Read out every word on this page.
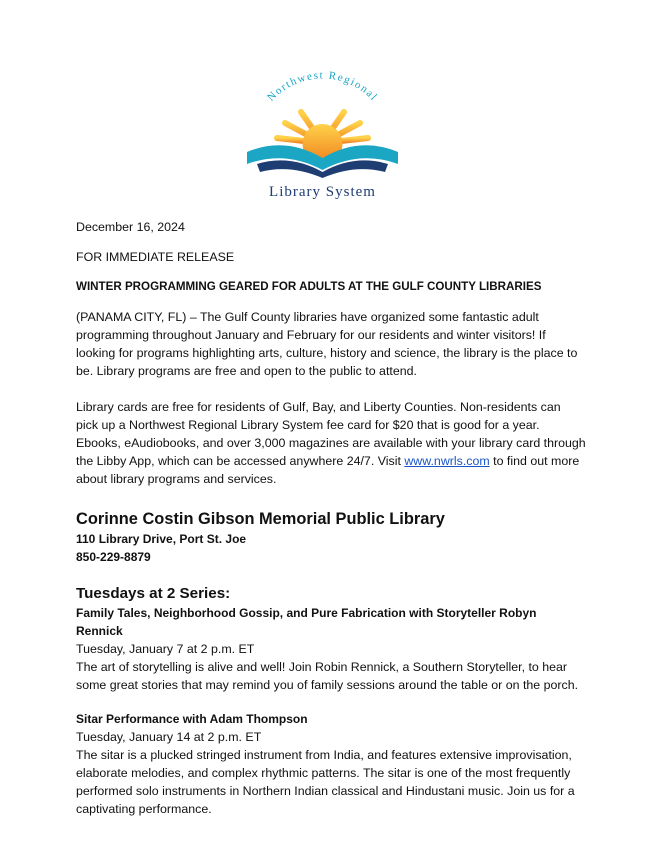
Northwest Regional
Library System

December 16, 2024

FOR IMMEDIATE RELEASE

WINTER PROGRAMMING GEARED FOR ADULTS AT THE GULF COUNTY LIBRARIES

(PANAMA CITY, FL) – The Gulf County libraries have organized some fantastic adult programming throughout January and February for our residents and winter visitors! If looking for programs highlighting arts, culture, history and science, the library is the place to be. Library programs are free and open to the public to attend.

Library cards are free for residents of Gulf, Bay, and Liberty Counties. Non-residents can pick up a Northwest Regional Library System fee card for $20 that is good for a year. Ebooks, eAudiobooks, and over 3,000 magazines are available with your library card through the Libby App, which can be accessed anywhere 24/7. Visit www.nwrls.com to find out more about library programs and services.

Corinne Costin Gibson Memorial Public Library

110 Library Drive, Port St. Joe

850-229-8879

Tuesdays at 2 Series:

Family Tales, Neighborhood Gossip, and Pure Fabrication with Storyteller Robyn Rennick

Tuesday, January 7 at 2 p.m. ET

The art of storytelling is alive and well! Join Robin Rennick, a Southern Storyteller, to hear some great stories that may remind you of family sessions around the table or on the porch.

Sitar Performance with Adam Thompson

Tuesday, January 14 at 2 p.m. ET

The sitar is a plucked stringed instrument from India, and features extensive improvisation, elaborate melodies, and complex rhythmic patterns. The sitar is one of the most frequently performed solo instruments in Northern Indian classical and Hindustani music. Join us for a captivating performance.
